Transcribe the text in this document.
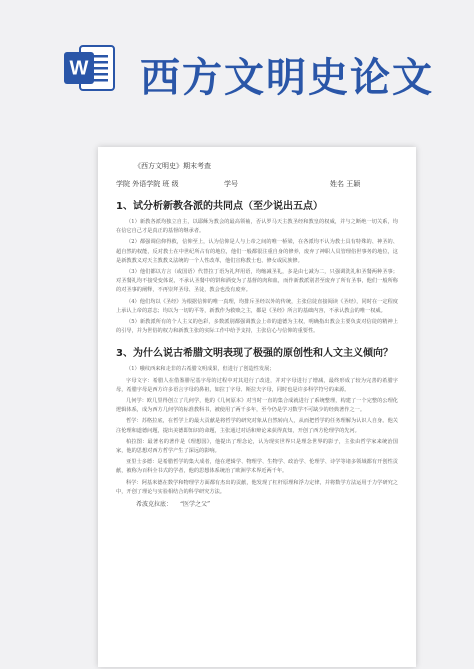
W 西方文明史论文
《西方文明史》期末考查
学院 外语学院 班 级	学号	姓名 王颖
1、试分析新教各派的共同点（至少说出五点）

（1）新教各派均独立自主，以耶稣为教会的最高领袖，否认罗马天主教圣经和教皇的权威，并与之断绝一切关系，均在信它自己才是真正的基督的继承者。

（2）都强调信仰得救，信仰至上，认为信仰是人与上帝之间的唯一桥梁，在各派均不认为教士具有特殊的、神圣的、超自然的权能，反对教士在中世纪所占有的地位，他们一般都很注重自身的修养，废弃了神职人员管理俗世事务的地位，这是新教教义对天主教教义法统的一个人性改革，他们宣称教士也、修女或民族修。

（3）他们都以方言（或国语）代替拉丁语为礼拜用语，均缩减圣礼，多是由七减为二，只强调洗礼和圣餐两种圣事；对圣餐礼均不接受变体说，不承认圣餐中的饼和酒变为了基督的肉和血，而作新教派别甚至废弃了所有圣事，他们一般所称的对圣事的阐释，不再崇拜圣母、圣徒，教会也没有废弃。

（4）他们均以《圣经》为根据信仰的唯一真理，均排斥圣经以外的传统，主张信徒直接阅读《圣经》，同时在一定程度上承认上帝的意志；均以为一切的平等，新教作为救赎之主，都是《圣经》所言的基础内容，不承认教会的唯一权威。

（5）新教派所有的个人主义的色彩，多数派别都强调教会上帝的道德为主权，明确指出教会主要负责对信徒的精神上的引导，并为世俗的权力和新教主张的实际工作中给予支持，主张信心与信仰的重要性。

3、为什么说古希腊文明表现了极强的原创性和人文主义倾向？

（1）哦纹西来和走非的古希腊文明成果，但进行了创造性发展；

字母文字：希腊人在借鉴腓尼基字母的过程中对其进行了改进，并对字母进行了增减，最终形成了较为完善的希腊字母，希腊字母是西方许多语言字母的鼻祖，如拉丁字母、斯拉夫字母，同时也是许多科学符号的来源。

几何学：欧几里得创立了几何学，他的《几何原本》对当时一直的集合成就进行了系统整理，构建了一个完整的公理化逻辑体系，成为西方几何学的标准教科书，被使用了两千多年，至今仍是学习数学不可缺少的经典著作之一。

哲学：苏格拉底，在哲学上的最大贡献是将哲学的研究对象从自然转向人，从而把哲学的任务理解为认识人自身。他关注伦理和道德问题，提出美德即知识的命题，主张通过对话和辩论来获得真知，开创了西方伦理学的先河。

柏拉图：最著名的著作是《理想国》，他提出了理念论，认为现实世界只是理念世界的影子，主张由哲学家来统治国家，他的思想对西方哲学产生了深远的影响。

亚里士多德：是希腊哲学的集大成者，他在逻辑学、物理学、生物学、政治学、伦理学、诗学等诸多领域都有开创性贡献，被称为百科全书式的学者，他的思想体系统治了欧洲学术界近两千年。

科学：阿基米德在数学和物理学方面都有杰出的贡献，他发现了杠杆原理和浮力定律，并将数学方法运用于力学研究之中，开创了理论与实验相结合的科学研究方法。

希波克拉底： “医学之父”
